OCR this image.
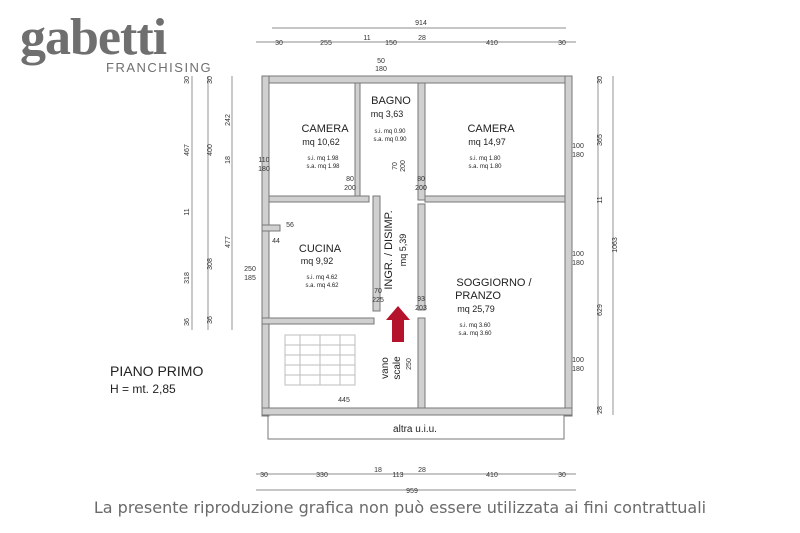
gabetti
FRANCHISING
914
30	255
11
150
28
410	30
30	330
18
113
28
410	30
959
30
467
11
318
36
30
242
400
18
477
308
36
30
365
11
629
28
1063
50
180
70 200
110
180
80
200
80
200
100
180
56
44
250
185
70
225
100
180
100
180
93
203
445
250
CAMERA
mq 10,62
s.i. mq 1.98
s.a. mq 1.98
BAGNO
mq 3,63
s.i. mq 0.90
s.a. mq 0.90
CAMERA
mq 14,97
s.i. mq 1.80
s.a. mq 1.80
CUCINA
mq 9,92
s.i. mq 4.62
s.a. mq 4.62	INGR. / DISIMP. mq 5,39
SOGGIORNO /
PRANZO
mq 25,79
s.i. mq 3.60
s.a. mq 3.60
vano scale
altra u.i.u.
PIANO PRIMO
H = mt. 2,85
La presente riproduzione grafica non può essere utilizzata ai fini contrattuali
